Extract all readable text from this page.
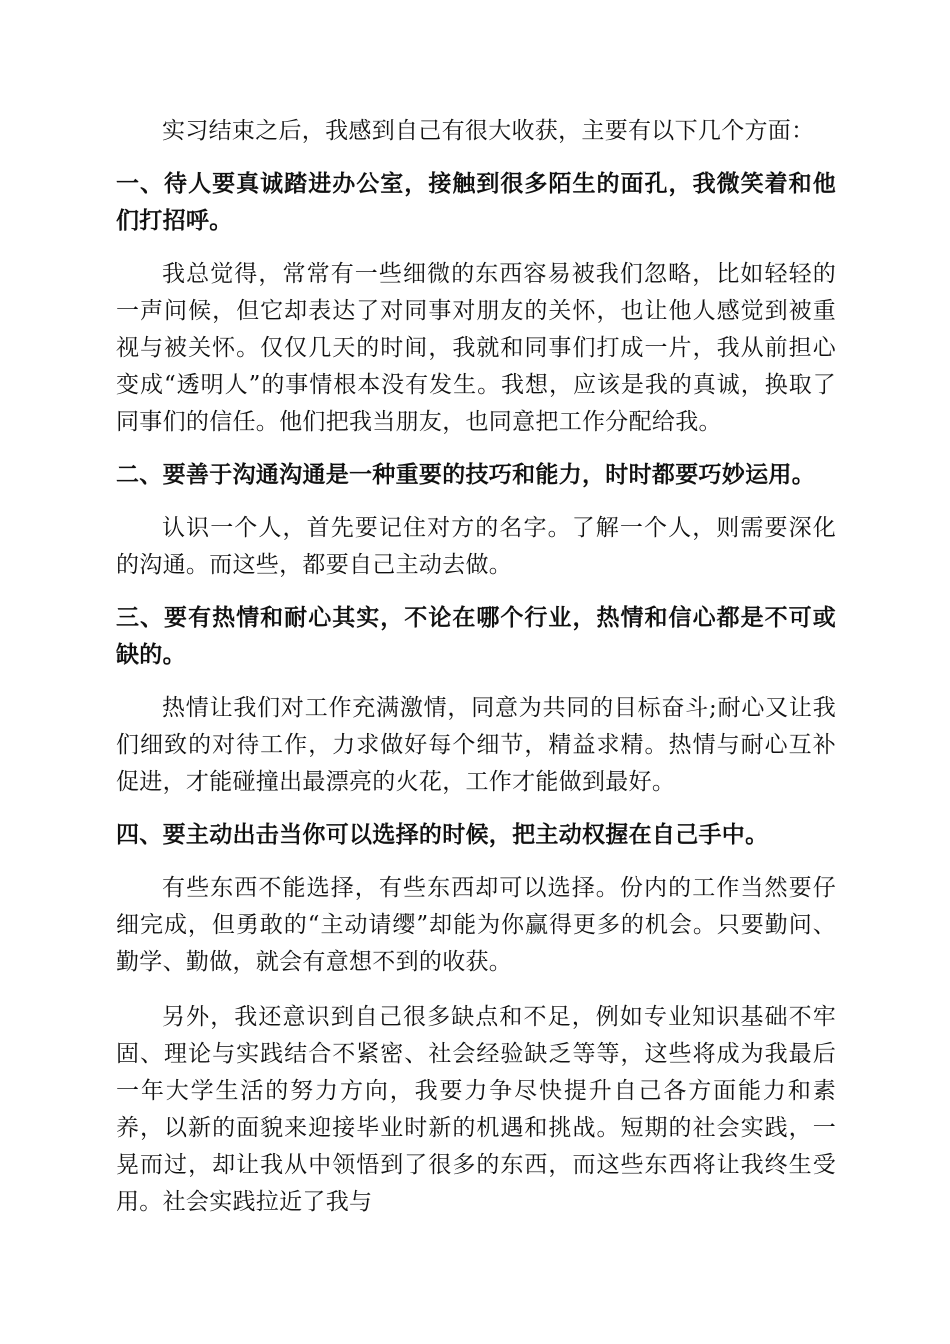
实习结束之后，我感到自己有很大收获，主要有以下几个方面：

一、待人要真诚踏进办公室，接触到很多陌生的面孔，我微笑着和他们打招呼。

我总觉得，常常有一些细微的东西容易被我们忽略，比如轻轻的一声问候，但它却表达了对同事对朋友的关怀，也让他人感觉到被重视与被关怀。仅仅几天的时间，我就和同事们打成一片，我从前担心变成“透明人”的事情根本没有发生。我想，应该是我的真诚，换取了同事们的信任。他们把我当朋友，也同意把工作分配给我。

二、要善于沟通沟通是一种重要的技巧和能力，时时都要巧妙运用。

认识一个人，首先要记住对方的名字。了解一个人，则需要深化的沟通。而这些，都要自己主动去做。

三、要有热情和耐心其实，不论在哪个行业，热情和信心都是不可或缺的。

热情让我们对工作充满激情，同意为共同的目标奋斗;耐心又让我们细致的对待工作，力求做好每个细节，精益求精。热情与耐心互补促进，才能碰撞出最漂亮的火花，工作才能做到最好。

四、要主动出击当你可以选择的时候，把主动权握在自己手中。

有些东西不能选择，有些东西却可以选择。份内的工作当然要仔细完成，但勇敢的“主动请缨”却能为你赢得更多的机会。只要勤问、勤学、勤做，就会有意想不到的收获。

另外，我还意识到自己很多缺点和不足，例如专业知识基础不牢固、理论与实践结合不紧密、社会经验缺乏等等，这些将成为我最后一年大学生活的努力方向，我要力争尽快提升自己各方面能力和素养，以新的面貌来迎接毕业时新的机遇和挑战。短期的社会实践，一晃而过，却让我从中领悟到了很多的东西，而这些东西将让我终生受用。社会实践拉近了我与
